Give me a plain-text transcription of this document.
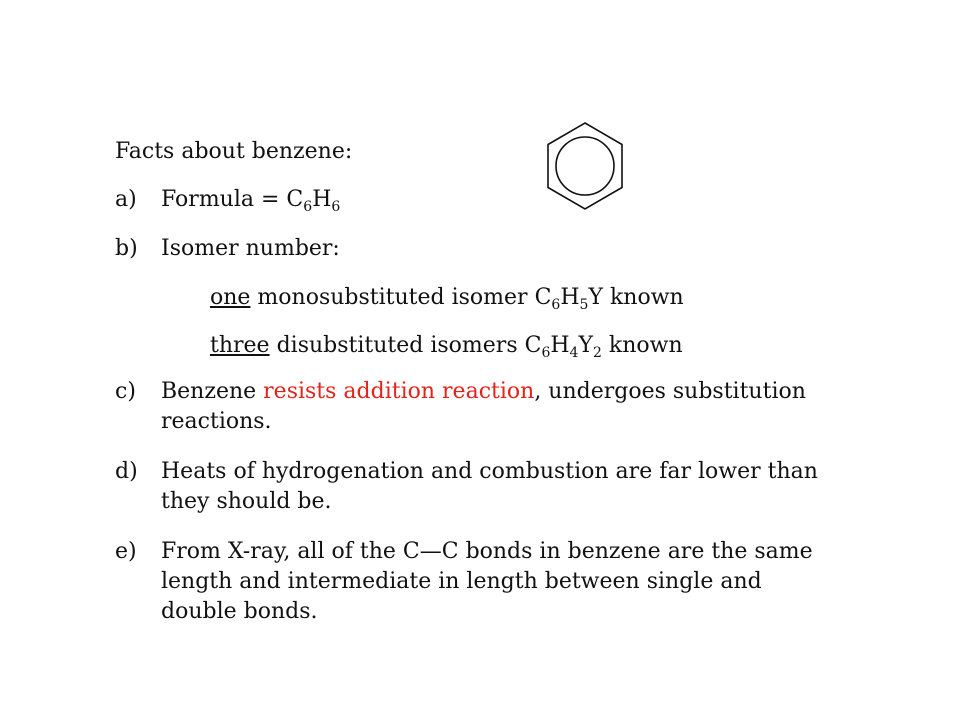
Facts about benzene:
a) Formula = $C_6H_6$
b) Isomer number:
one monosubstituted isomer $C_6H_5Y$ known
three disubstituted isomers $C_6H_4Y_2$ known
c) Benzene resists addition reaction, undergoes substitution
reactions.
d) Heats of hydrogenation and combustion are far lower than
they should be.
e) From X-ray, all of the C—C bonds in benzene are the same
length and intermediate in length between single and
double bonds.
